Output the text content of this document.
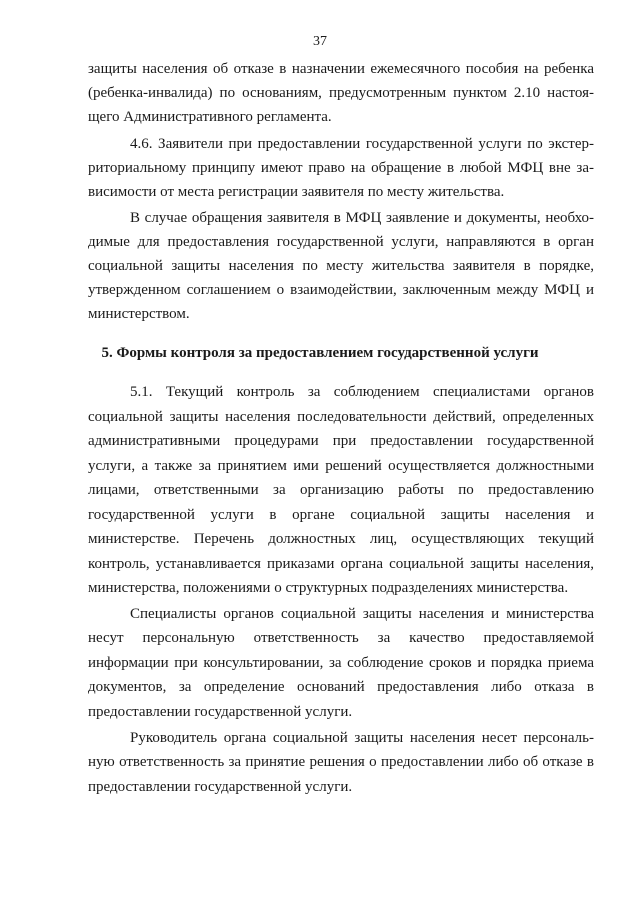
37
защиты населения об отказе в назначении ежемесячного пособия на ребенка
(ребенка-инвалида) по основаниям, предусмотренным пунктом 2.10 настоя-
щего Административного регламента.
4.6. Заявители при предоставлении государственной услуги по экстер-
риториальному принципу имеют право на обращение в любой МФЦ вне за-
висимости от места регистрации заявителя по месту жительства.
В случае обращения заявителя в МФЦ заявление и документы, необхо-
димые для предоставления государственной услуги, направляются в орган
социальной защиты населения по месту жительства заявителя в порядке,
утвержденном соглашением о взаимодействии, заключенным между МФЦ и
министерством.
5. Формы контроля за предоставлением государственной услуги
5.1. Текущий контроль за соблюдением специалистами органов
социальной защиты населения последовательности действий, определенных
административными процедурами при предоставлении государственной
услуги, а также за принятием ими решений осуществляется должностными
лицами, ответственными за организацию работы по предоставлению
государственной услуги в органе социальной защиты населения и
министерстве. Перечень должностных лиц, осуществляющих текущий
контроль, устанавливается приказами органа социальной защиты населения,
министерства, положениями о структурных подразделениях министерства.
Специалисты органов социальной защиты населения и министерства
несут персональную ответственность за качество предоставляемой
информации при консультировании, за соблюдение сроков и порядка приема
документов, за определение оснований предоставления либо отказа в
предоставлении государственной услуги.
Руководитель органа социальной защиты населения несет персональ-
ную ответственность за принятие решения о предоставлении либо об отказе в
предоставлении государственной услуги.
